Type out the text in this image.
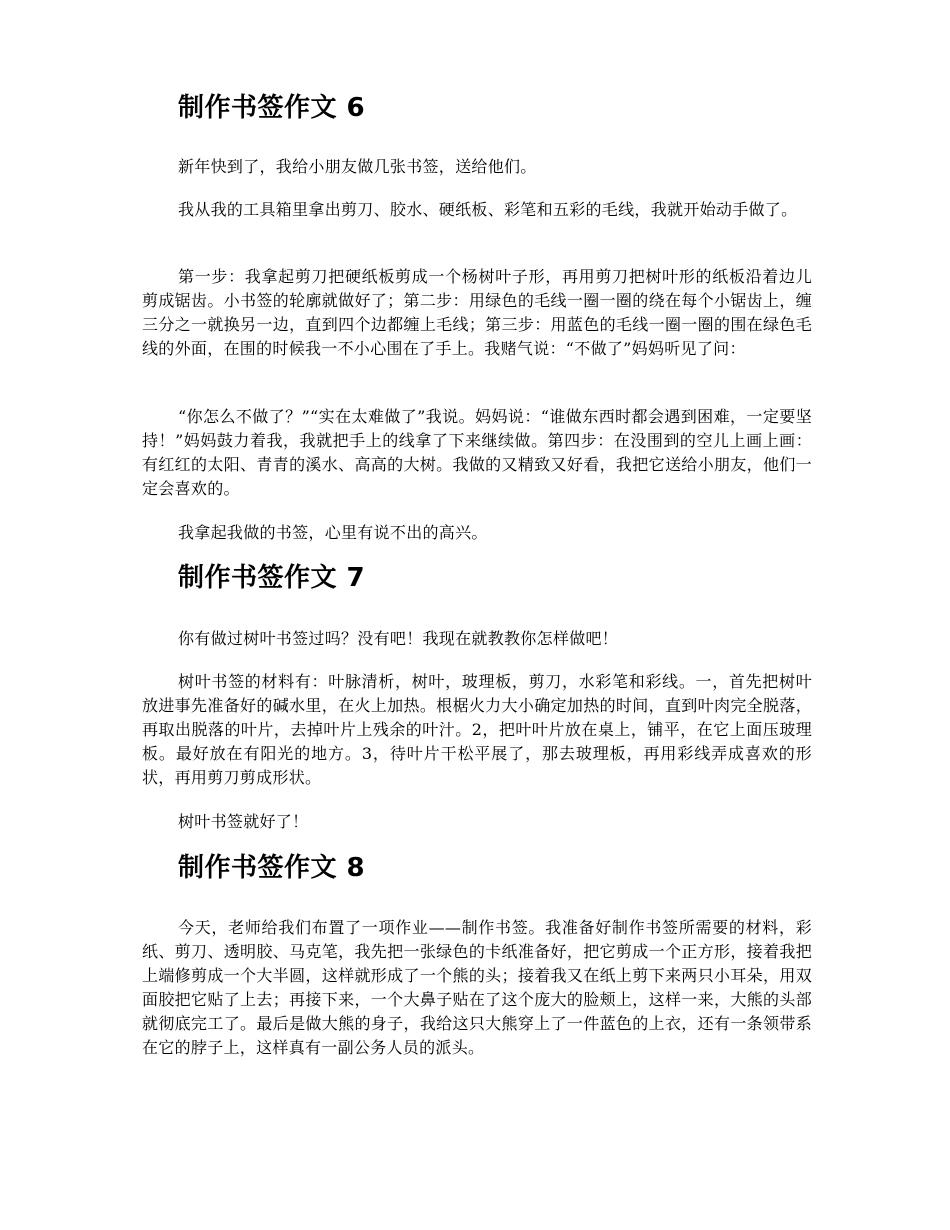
制作书签作文 6

新年快到了，我给小朋友做几张书签，送给他们。

我从我的工具箱里拿出剪刀、胶水、硬纸板、彩笔和五彩的毛线，我就开始动手做了。

第一步：我拿起剪刀把硬纸板剪成一个杨树叶子形，再用剪刀把树叶形的纸板沿着边儿剪成锯齿。小书签的轮廓就做好了；第二步：用绿色的毛线一圈一圈的绕在每个小锯齿上，缠三分之一就换另一边，直到四个边都缠上毛线；第三步：用蓝色的毛线一圈一圈的围在绿色毛线的外面，在围的时候我一不小心围在了手上。我赌气说：“不做了”妈妈听见了问：

“你怎么不做了？”“实在太难做了”我说。妈妈说：“谁做东西时都会遇到困难，一定要坚持！”妈妈鼓力着我，我就把手上的线拿了下来继续做。第四步：在没围到的空儿上画上画：有红红的太阳、青青的溪水、高高的大树。我做的又精致又好看，我把它送给小朋友，他们一定会喜欢的。

我拿起我做的书签，心里有说不出的高兴。

制作书签作文 7

你有做过树叶书签过吗？没有吧！我现在就教教你怎样做吧！

树叶书签的材料有：叶脉清析，树叶，玻理板，剪刀，水彩笔和彩线。一，首先把树叶放进事先准备好的碱水里，在火上加热。根椐火力大小确定加热的时间，直到叶肉完全脱落，再取出脱落的叶片，去掉叶片上残余的叶汁。2，把叶叶片放在桌上，铺平，在它上面压玻理板。最好放在有阳光的地方。3，待叶片干松平展了，那去玻理板，再用彩线弄成喜欢的形状，再用剪刀剪成形状。

树叶书签就好了！

制作书签作文 8

今天，老师给我们布置了一项作业——制作书签。我准备好制作书签所需要的材料，彩纸、剪刀、透明胶、马克笔，我先把一张绿色的卡纸准备好，把它剪成一个正方形，接着我把上端修剪成一个大半圆，这样就形成了一个熊的头；接着我又在纸上剪下来两只小耳朵，用双面胶把它贴了上去；再接下来，一个大鼻子贴在了这个庞大的脸颊上，这样一来，大熊的头部就彻底完工了。最后是做大熊的身子，我给这只大熊穿上了一件蓝色的上衣，还有一条领带系在它的脖子上，这样真有一副公务人员的派头。
